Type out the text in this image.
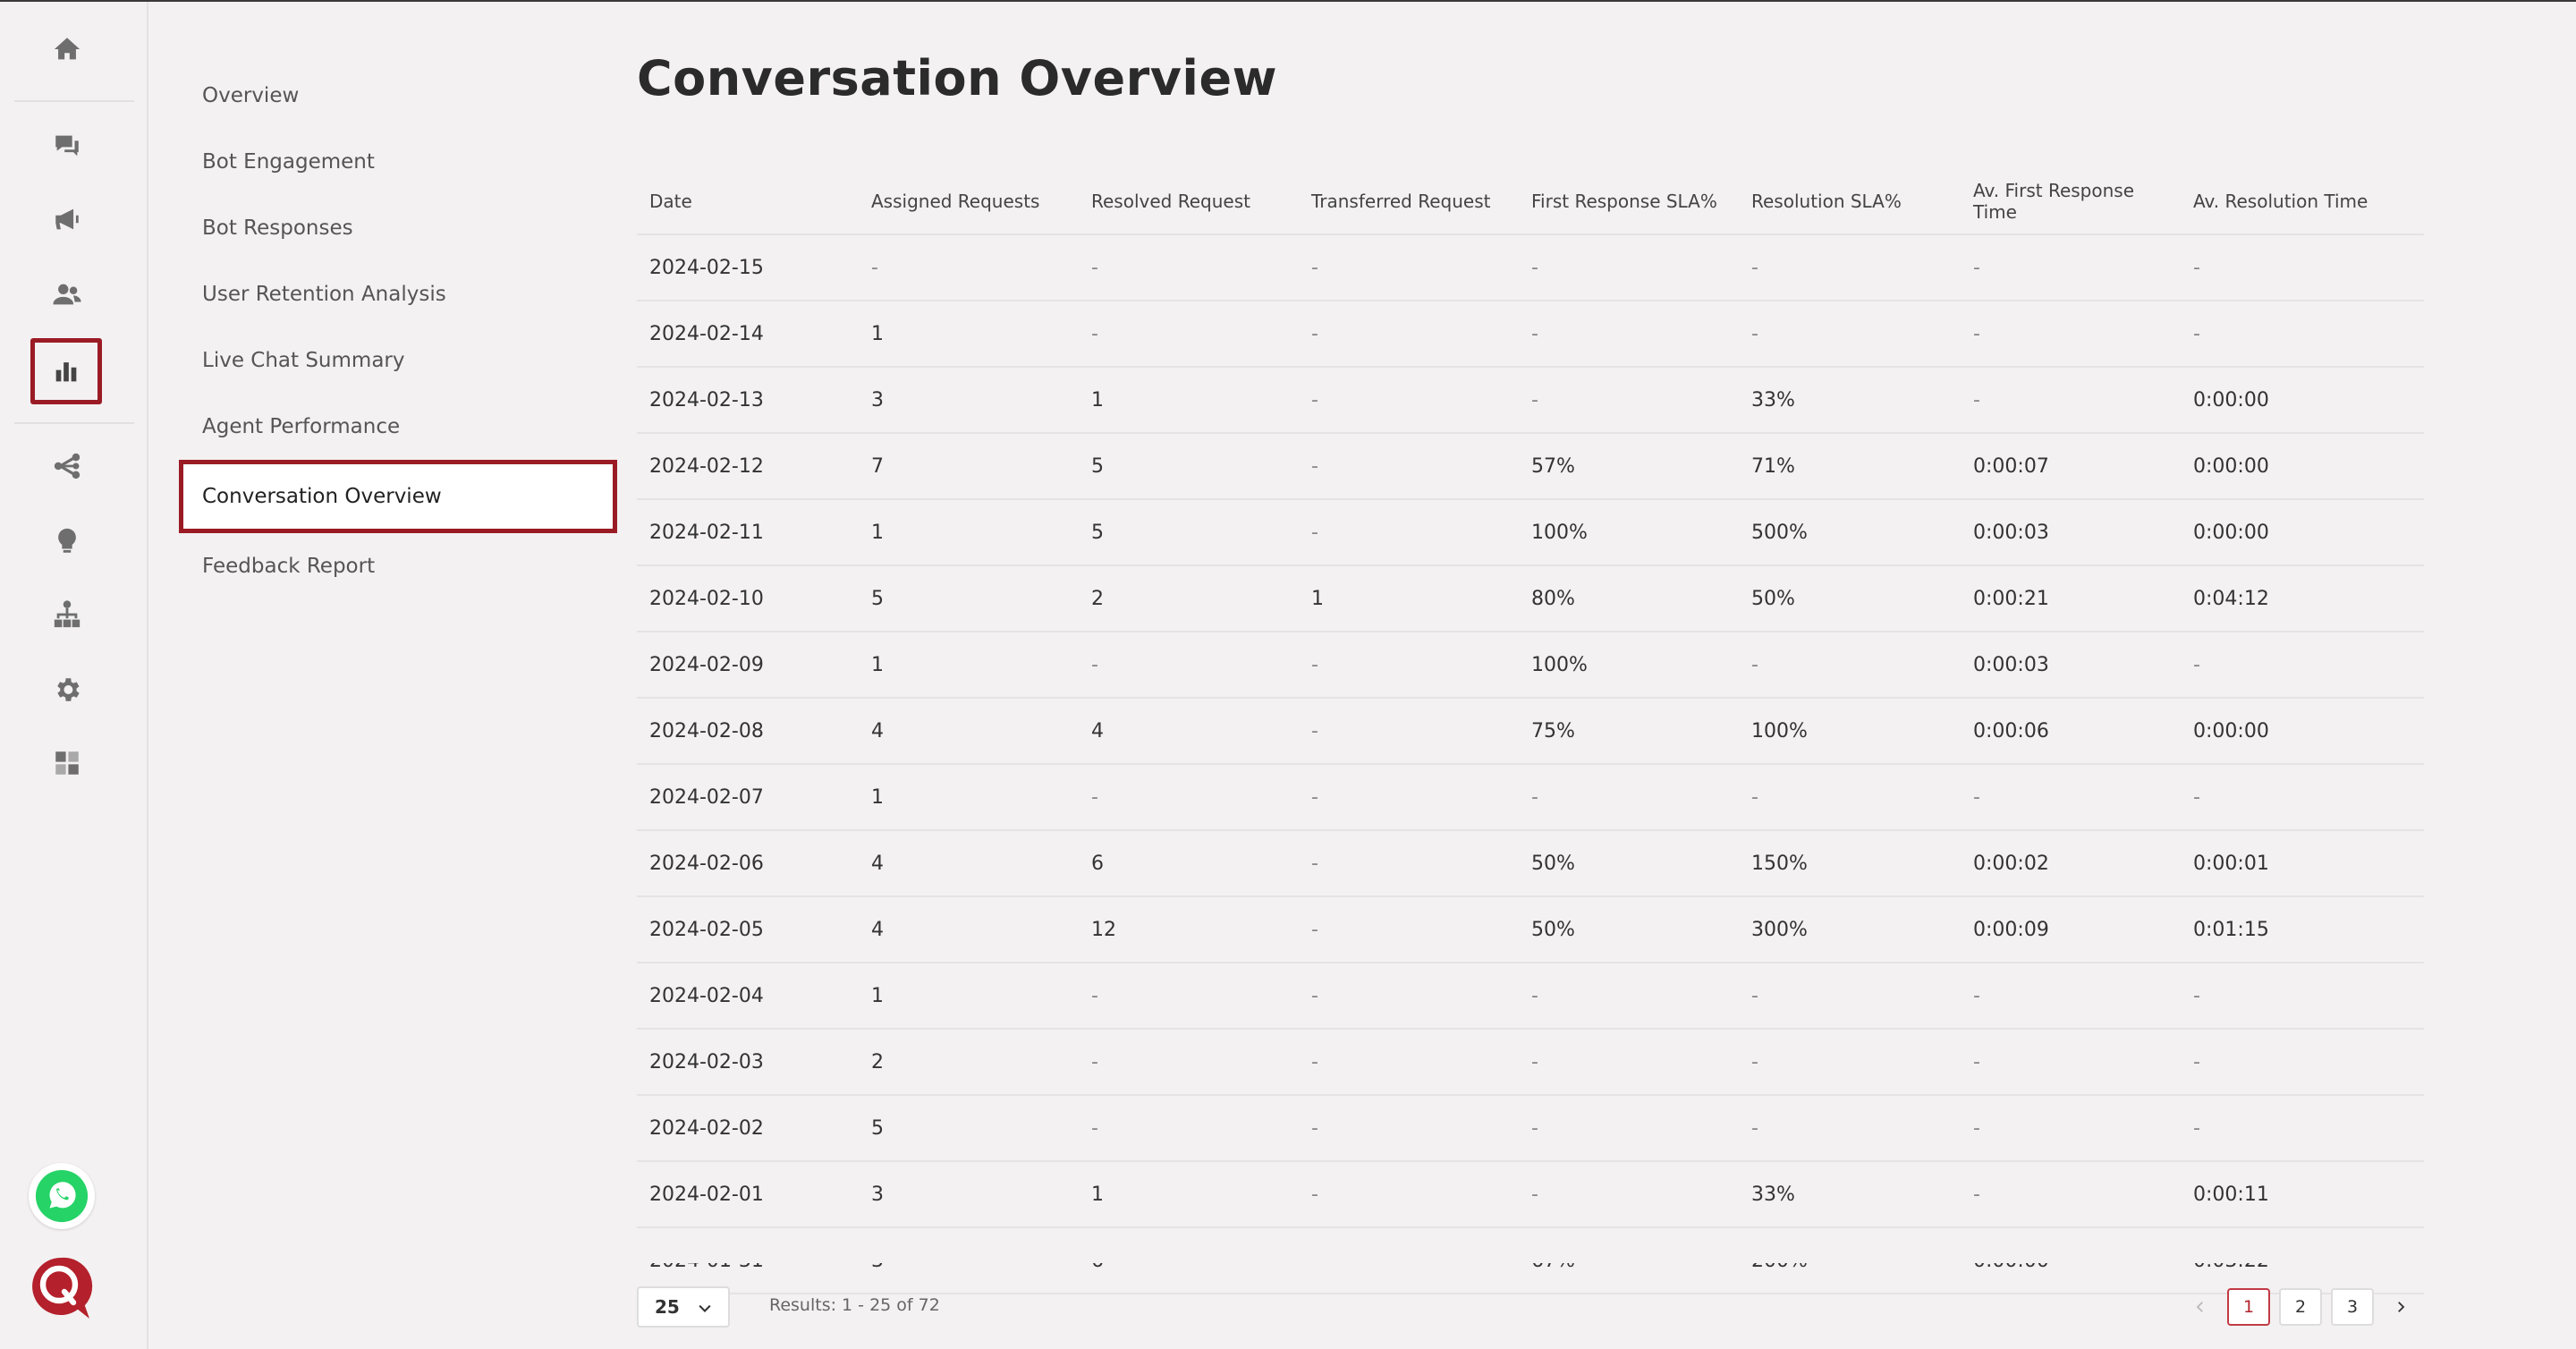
Overview
Bot Engagement
Bot Responses
User Retention Analysis
Live Chat Summary
Agent Performance
Conversation Overview
Feedback Report
Conversation Overview
Date	Assigned Requests	Resolved Request	Transferred Request	First Response SLA%	Resolution SLA%	Av. First Response Time	Av. Resolution Time
2024-02-15	-	-	-	-	-	-	-
2024-02-14	1	-	-	-	-	-	-
2024-02-13	3	1	-	-	33%	-	0:00:00
2024-02-12	7	5	-	57%	71%	0:00:07	0:00:00
2024-02-11	1	5	-	100%	500%	0:00:03	0:00:00
2024-02-10	5	2	1	80%	50%	0:00:21	0:04:12
2024-02-09	1	-	-	100%	-	0:00:03	-
2024-02-08	4	4	-	75%	100%	0:00:06	0:00:00
2024-02-07	1	-	-	-	-	-	-
2024-02-06	4	6	-	50%	150%	0:00:02	0:00:01
2024-02-05	4	12	-	50%	300%	0:00:09	0:01:15
2024-02-04	1	-	-	-	-	-	-
2024-02-03	2	-	-	-	-	-	-
2024-02-02	5	-	-	-	-	-	-
2024-02-01	3	1	-	-	33%	-	0:00:11

25	Results: 1 - 25 of 72	1	2	3
